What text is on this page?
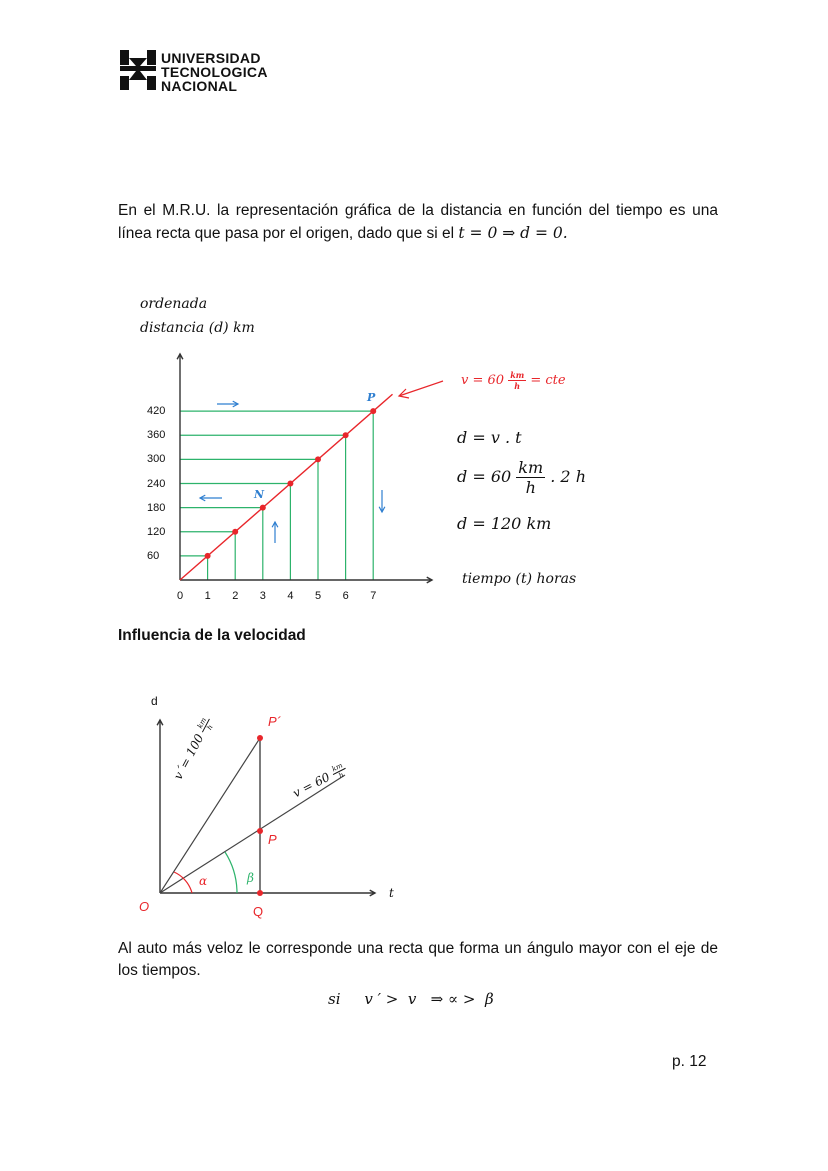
UNIVERSIDAD
TECNOLOGICA
NACIONAL
En el M.R.U. la representación gráfica de la distancia en función del tiempo es una línea recta que pasa por el origen, dado que si el t = 0 ⇒ d = 0.
ordenada
distancia (d) km
tiempo (t) horas
0 1 2 3 4 5 6 7
60
120
180
240
300
360
420
N
P
$v = 60 \frac{km}{h}$ = cte
d = v . t
$d = 60 \frac{km}{h}$ . 2 h
d = 120 km
Influencia de la velocidad
d
t
O	Q
P
P´
α	β
v´= 100
km
h
v = 60
km
h
Al auto más veloz le corresponde una recta que forma un ángulo mayor con el eje de los tiempos.
si     v ′ >  v   ⇒ ∝ >  β
p. 12
